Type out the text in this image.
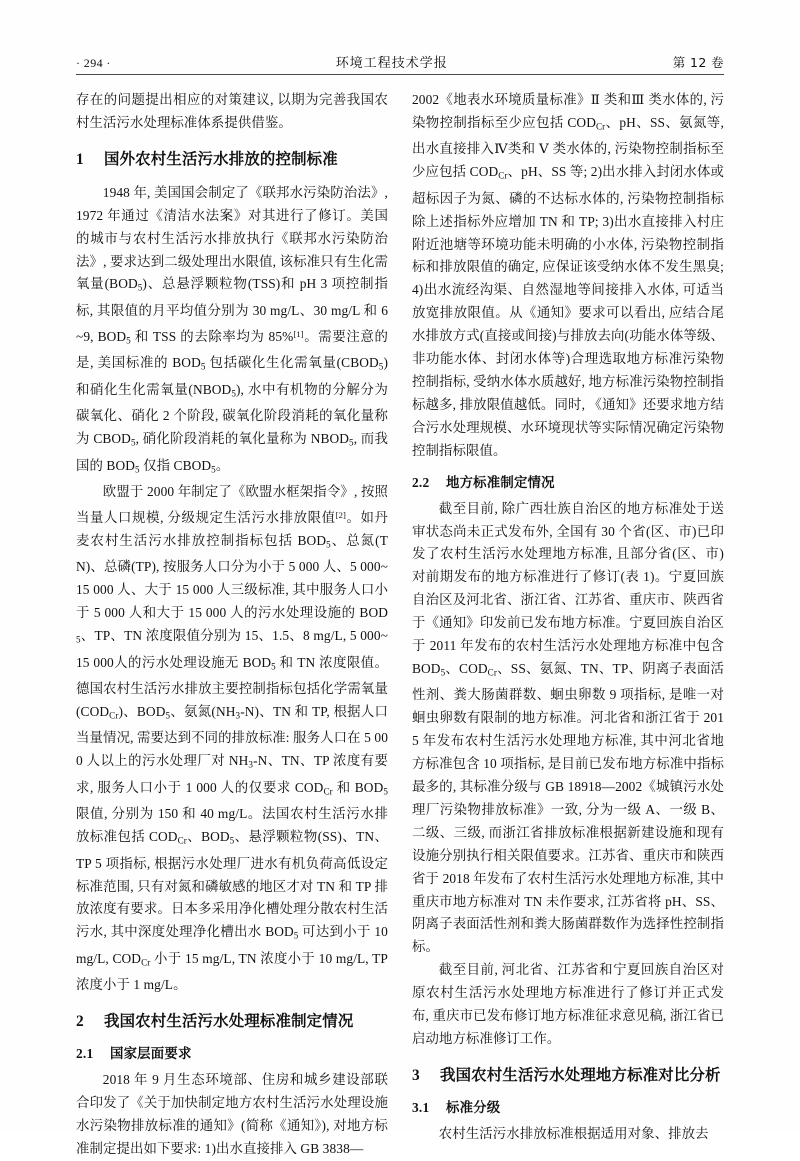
· 294 ·	环境工程技术学报	第 12 卷

存在的问题提出相应的对策建议, 以期为完善我国农村生活污水处理标准体系提供借鉴。

1 国外农村生活污水排放的控制标准

1948 年, 美国国会制定了《联邦水污染防治法》, 1972 年通过《清洁水法案》对其进行了修订。美国的城市与农村生活污水排放执行《联邦水污染防治法》, 要求达到二级处理出水限值, 该标准只有生化需氧量$(BOD_5)$、总悬浮颗粒物(TSS)和 pH 3 项控制指标, 其限值的月平均值分别为 30 mg/L、30 mg/L 和 6~9, $BOD_5$ 和 TSS 的去除率均为 85%[1]。需要注意的是, 美国标准的 $BOD_5$ 包括碳化生化需氧量$(CBOD_5)$和硝化生化需氧量$(NBOD_5)$, 水中有机物的分解分为碳氧化、硝化 2 个阶段, 碳氧化阶段消耗的氧化量称为 $CBOD_5$, 硝化阶段消耗的氧化量称为 $NBOD_5$, 而我国的 $BOD_5$ 仅指 $CBOD_5$。

欧盟于 2000 年制定了《欧盟水框架指令》, 按照当量人口规模, 分级规定生活污水排放限值[2]。如丹麦农村生活污水排放控制指标包括 $BOD_5$、总氮(TN)、总磷(TP), 按服务人口分为小于 5 000 人、5 000~15 000 人、大于 15 000 人三级标准, 其中服务人口小于 5 000 人和大于 15 000 人的污水处理设施的 $BOD_5$、TP、TN 浓度限值分别为 15、1.5、8 mg/L, 5 000~15 000人的污水处理设施无 $BOD_5$ 和 TN 浓度限值。德国农村生活污水排放主要控制指标包括化学需氧量$(COD_{Cr})$、$BOD_5$、氨氮$(NH_3-N)$、TN 和 TP, 根据人口当量情况, 需要达到不同的排放标准: 服务人口在 5 000 人以上的污水处理厂对 $NH_3-N$、TN、TP 浓度有要求, 服务人口小于 1 000 人的仅要求 $COD_{Cr}$ 和 $BOD_5$ 限值, 分别为 150 和 40 mg/L。法国农村生活污水排放标准包括 $COD_{Cr}$、$BOD_5$、悬浮颗粒物(SS)、TN、TP 5 项指标, 根据污水处理厂进水有机负荷高低设定标准范围, 只有对氮和磷敏感的地区才对 TN 和 TP 排放浓度有要求。日本多采用净化槽处理分散农村生活污水, 其中深度处理净化槽出水 $BOD_5$ 可达到小于 10 mg/L, $COD_{Cr}$ 小于 15 mg/L, TN 浓度小于 10 mg/L, TP 浓度小于 1 mg/L。

2 我国农村生活污水处理标准制定情况
2.1 国家层面要求

2018 年 9 月生态环境部、住房和城乡建设部联合印发了《关于加快制定地方农村生活污水处理设施水污染物排放标准的通知》(简称《通知》), 对地方标准制定提出如下要求: 1)出水直接排入 GB 3838—

2002《地表水环境质量标准》Ⅱ 类和Ⅲ 类水体的, 污染物控制指标至少应包括 $COD_{Cr}$、pH、SS、氨氮等, 出水直接排入Ⅳ类和 Ⅴ 类水体的, 污染物控制指标至少应包括 $COD_{Cr}$、pH、SS 等; 2)出水排入封闭水体或超标因子为氮、磷的不达标水体的, 污染物控制指标除上述指标外应增加 TN 和 TP; 3)出水直接排入村庄附近池塘等环境功能未明确的小水体, 污染物控制指标和排放限值的确定, 应保证该受纳水体不发生黑臭; 4)出水流经沟渠、自然湿地等间接排入水体, 可适当放宽排放限值。从《通知》要求可以看出, 应结合尾水排放方式(直接或间接)与排放去向(功能水体等级、非功能水体、封闭水体等)合理选取地方标准污染物控制指标, 受纳水体水质越好, 地方标准污染物控制指标越多, 排放限值越低。同时, 《通知》还要求地方结合污水处理规模、水环境现状等实际情况确定污染物控制指标限值。

2.2 地方标准制定情况

截至目前, 除广西壮族自治区的地方标准处于送审状态尚未正式发布外, 全国有 30 个省(区、市)已印发了农村生活污水处理地方标准, 且部分省(区、市)对前期发布的地方标准进行了修订(表 1)。宁夏回族自治区及河北省、浙江省、江苏省、重庆市、陕西省于《通知》印发前已发布地方标准。宁夏回族自治区于 2011 年发布的农村生活污水处理地方标准中包含 $BOD_5$、$COD_{Cr}$、SS、氨氮、TN、TP、阴离子表面活性剂、粪大肠菌群数、蛔虫卵数 9 项指标, 是唯一对蛔虫卵数有限制的地方标准。河北省和浙江省于 2015 年发布农村生活污水处理地方标准, 其中河北省地方标准包含 10 项指标, 是目前已发布地方标准中指标最多的, 其标准分级与 GB 18918—2002《城镇污水处理厂污染物排放标准》一致, 分为一级 A、一级 B、二级、三级, 而浙江省排放标准根据新建设施和现有设施分别执行相关限值要求。江苏省、重庆市和陕西省于 2018 年发布了农村生活污水处理地方标准, 其中重庆市地方标准对 TN 未作要求, 江苏省将 pH、SS、阴离子表面活性剂和粪大肠菌群数作为选择性控制指标。

截至目前, 河北省、江苏省和宁夏回族自治区对原农村生活污水处理地方标准进行了修订并正式发布, 重庆市已发布修订地方标准征求意见稿, 浙江省已启动地方标准修订工作。

3 我国农村生活污水处理地方标准对比分析
3.1 标准分级

农村生活污水排放标准根据适用对象、排放去
